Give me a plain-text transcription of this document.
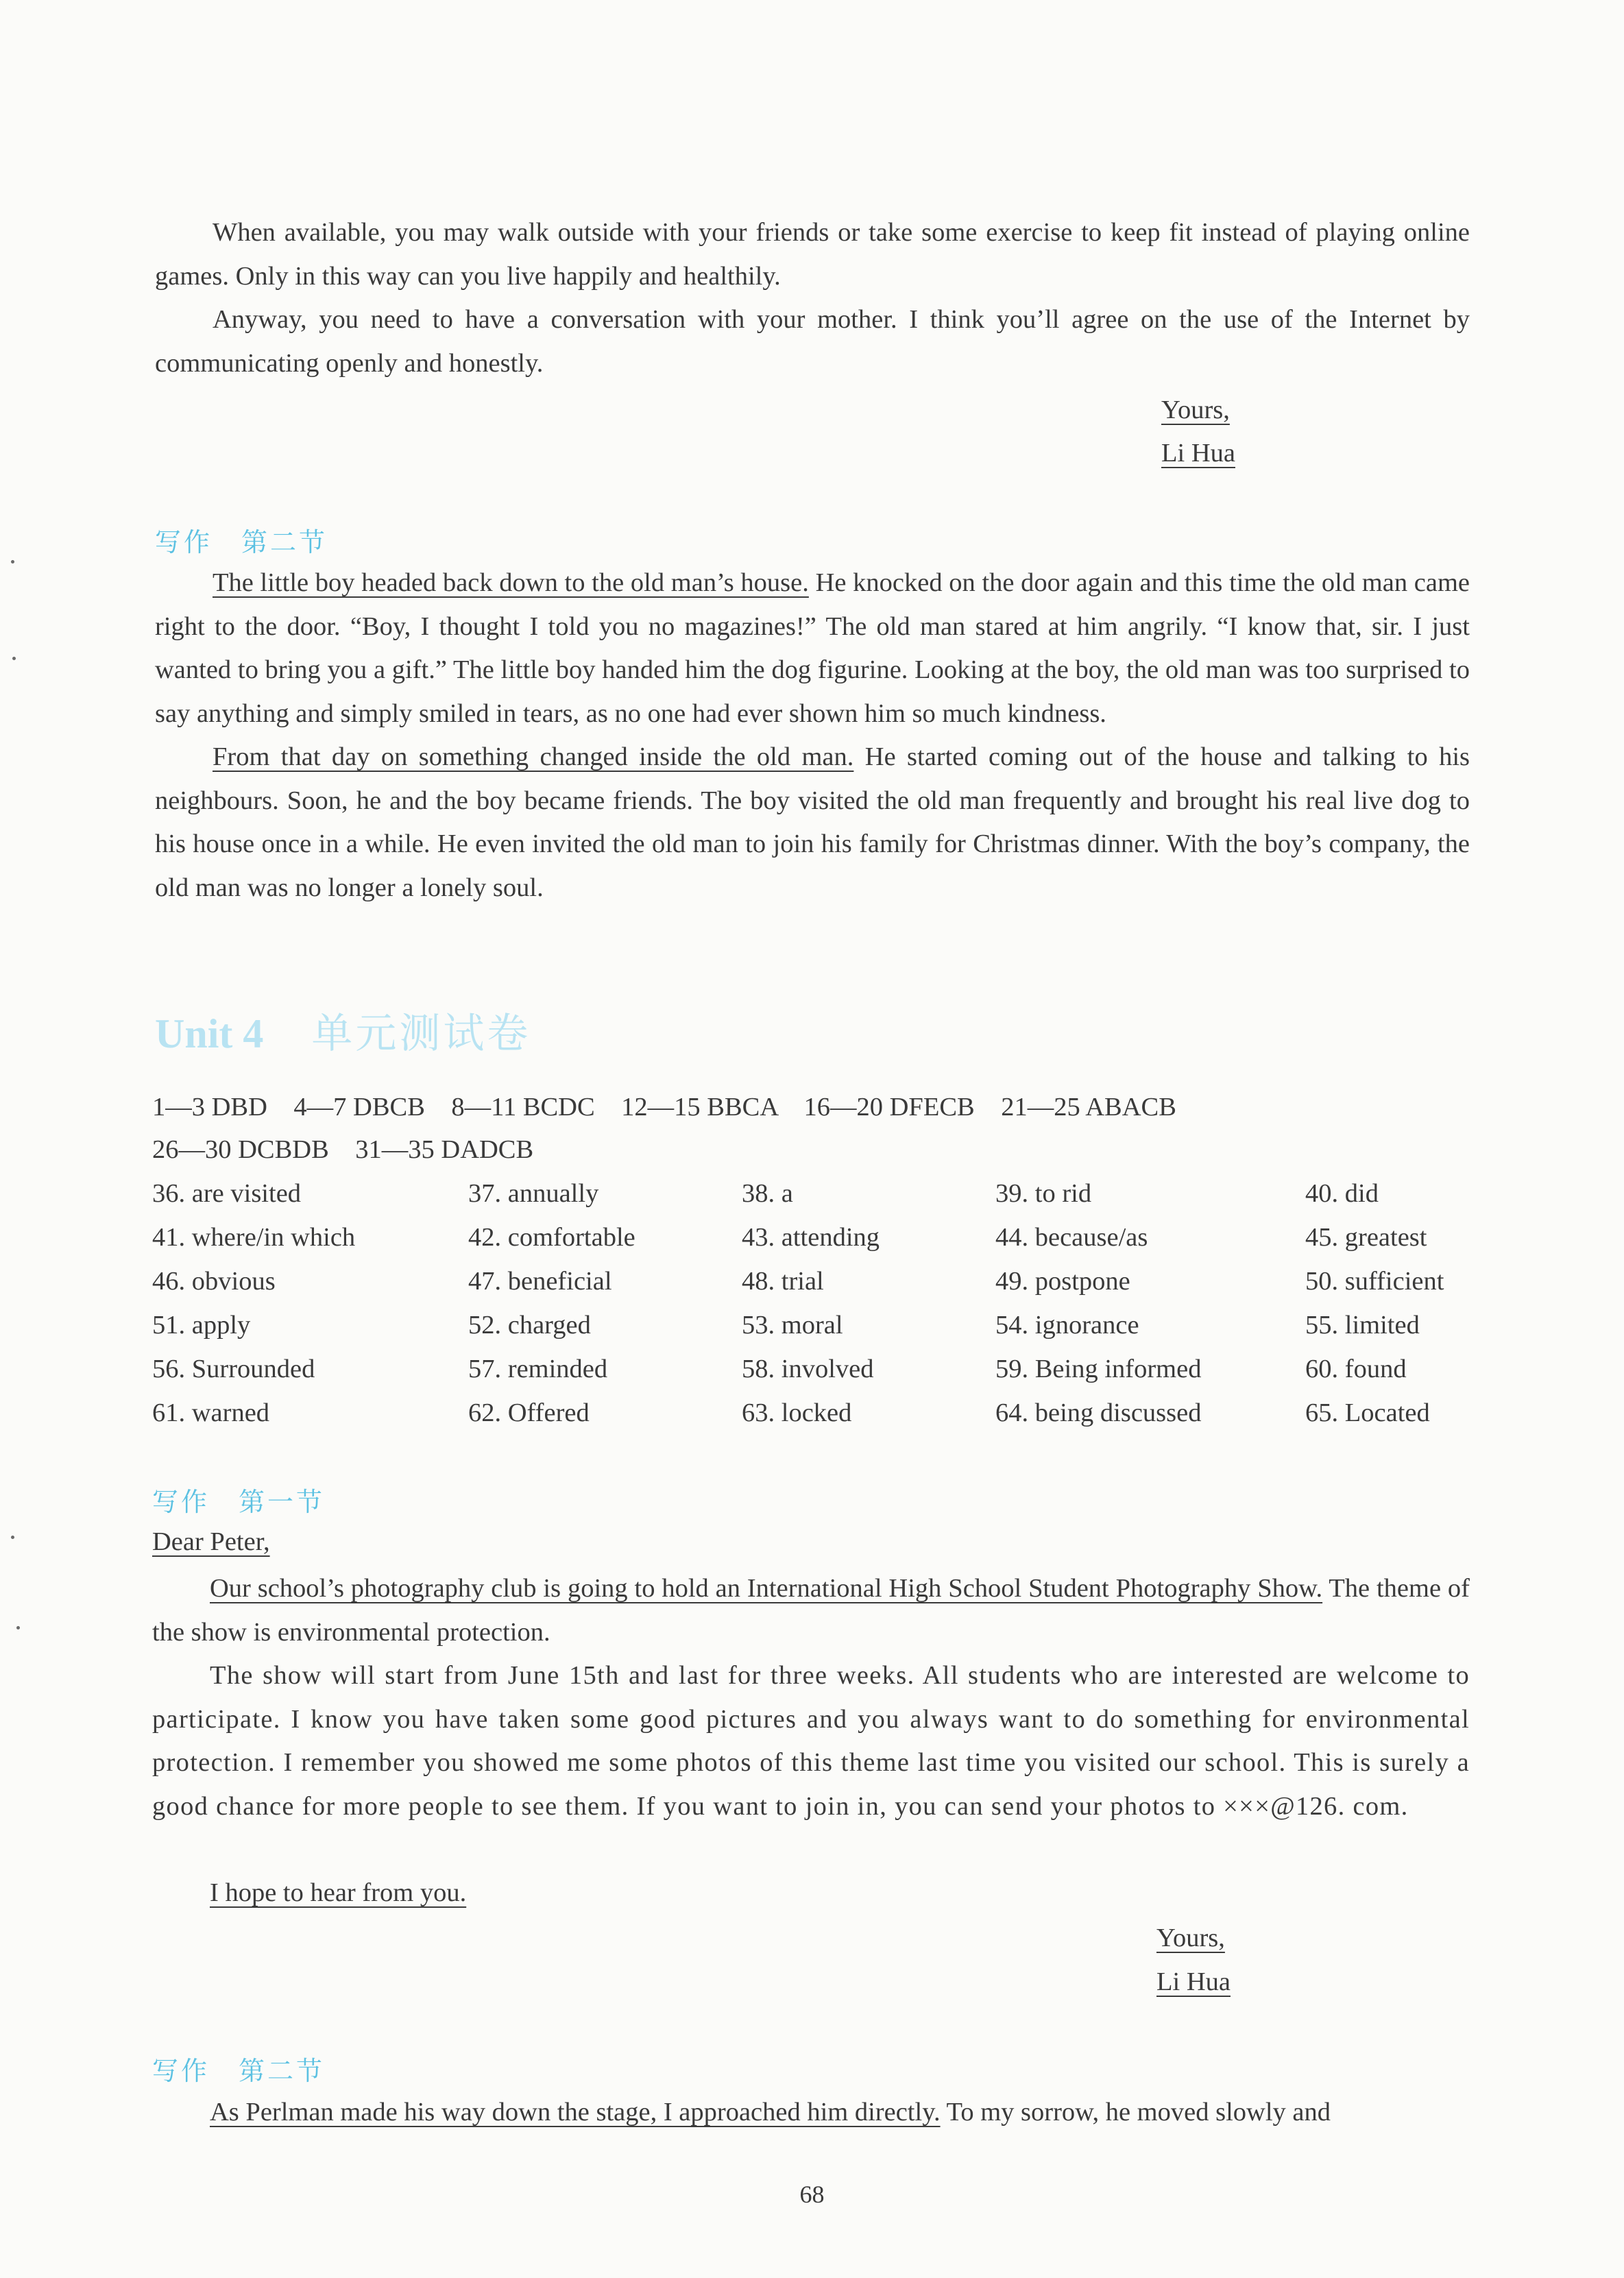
When available, you may walk outside with your friends or take some exercise to keep fit instead of playing online games. Only in this way can you live happily and healthily.

Anyway, you need to have a conversation with your mother. I think you’ll agree on the use of the Internet by communicating openly and honestly.

Yours,
Li Hua
写作　第二节

The little boy headed back down to the old man’s house. He knocked on the door again and this time the old man came right to the door. “Boy, I thought I told you no magazines!” The old man stared at him angrily. “I know that, sir. I just wanted to bring you a gift.” The little boy handed him the dog figurine. Looking at the boy, the old man was too surprised to say anything and simply smiled in tears, as no one had ever shown him so much kindness.

From that day on something changed inside the old man. He started coming out of the house and talking to his neighbours. Soon, he and the boy became friends. The boy visited the old man frequently and brought his real live dog to his house once in a while. He even invited the old man to join his family for Christmas dinner. With the boy’s company, the old man was no longer a lonely soul.

Unit 4 单元测试卷
1—3 DBD　4—7 DBCB　8—11 BCDC　12—15 BBCA　16—20 DFECB　21—25 ABACB
26—30 DCBDB　31—35 DADCB
36. are visited	37. annually	38. a	39. to rid	40. did
41. where/in which	42. comfortable	43. attending	44. because/as	45. greatest
46. obvious	47. beneficial	48. trial	49. postpone	50. sufficient
51. apply	52. charged	53. moral	54. ignorance	55. limited
56. Surrounded	57. reminded	58. involved	59. Being informed	60. found
61. warned	62. Offered	63. locked	64. being discussed	65. Located
写作　第一节
Dear Peter,

Our school’s photography club is going to hold an International High School Student Photography Show. The theme of the show is environmental protection.

The show will start from June 15th and last for three weeks. All students who are interested are welcome to participate. I know you have taken some good pictures and you always want to do something for environmental protection. I remember you showed me some photos of this theme last time you visited our school. This is surely a good chance for more people to see them. If you want to join in, you can send your photos to ×××@126. com.

I hope to hear from you.
Yours,
Li Hua
写作　第二节

As Perlman made his way down the stage, I approached him directly. To my sorrow, he moved slowly and

68
